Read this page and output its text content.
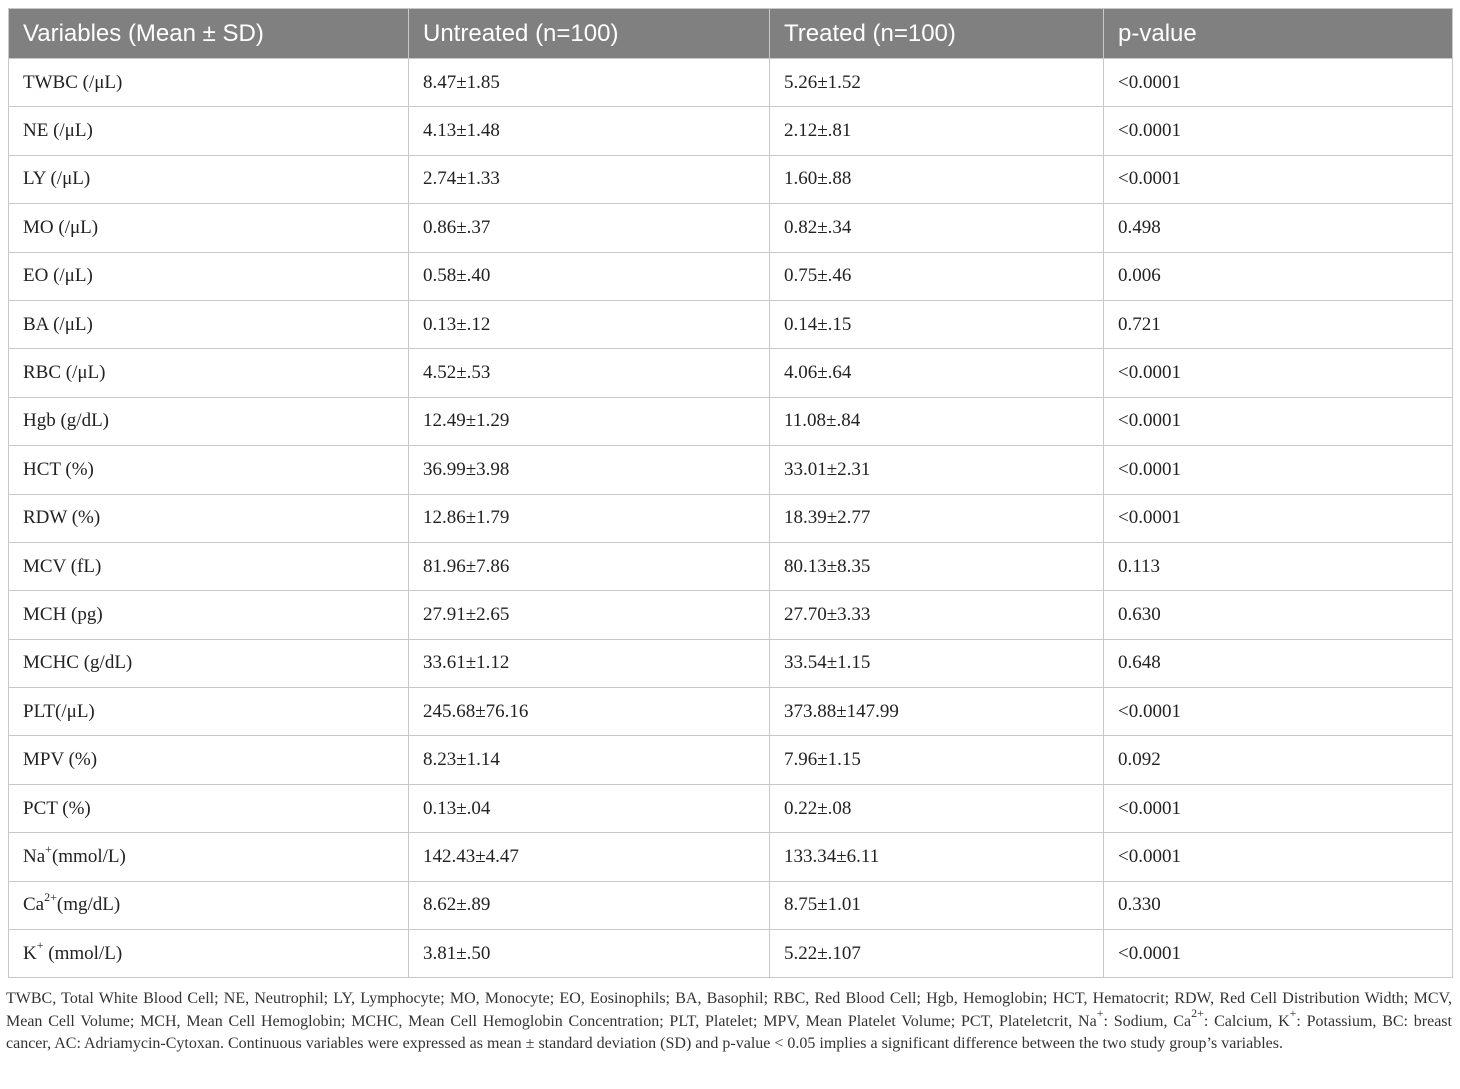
Variables (Mean ± SD)	Untreated (n=100)	Treated (n=100)	p-value
TWBC (/μL)	8.47±1.85	5.26±1.52	<0.0001
NE (/μL)	4.13±1.48	2.12±.81	<0.0001
LY (/μL)	2.74±1.33	1.60±.88	<0.0001
MO (/μL)	0.86±.37	0.82±.34	0.498
EO (/μL)	0.58±.40	0.75±.46	0.006
BA (/μL)	0.13±.12	0.14±.15	0.721
RBC (/μL)	4.52±.53	4.06±.64	<0.0001
Hgb (g/dL)	12.49±1.29	11.08±.84	<0.0001
HCT (%)	36.99±3.98	33.01±2.31	<0.0001
RDW (%)	12.86±1.79	18.39±2.77	<0.0001
MCV (fL)	81.96±7.86	80.13±8.35	0.113
MCH (pg)	27.91±2.65	27.70±3.33	0.630
MCHC (g/dL)	33.61±1.12	33.54±1.15	0.648
PLT(/μL)	245.68±76.16	373.88±147.99	<0.0001
MPV (%)	8.23±1.14	7.96±1.15	0.092
PCT (%)	0.13±.04	0.22±.08	<0.0001
Na+(mmol/L)	142.43±4.47	133.34±6.11	<0.0001
$Ca^{2+}(mg/dL)$	8.62±.89	8.75±1.01	0.330
K+ (mmol/L)	3.81±.50	5.22±.107	<0.0001
TWBC, Total White Blood Cell; NE, Neutrophil; LY, Lymphocyte; MO, Monocyte; EO, Eosinophils; BA, Basophil; RBC, Red Blood Cell; Hgb, Hemoglobin; HCT, Hematocrit; RDW, Red Cell Distribution Width; MCV, Mean Cell Volume; MCH, Mean Cell Hemoglobin; MCHC, Mean Cell Hemoglobin Concentration; PLT, Platelet; MPV, Mean Platelet Volume; PCT, Plateletcrit, Na+: Sodium, $Ca^{2+}$: Calcium, K+: Potassium, BC: breast cancer, AC: Adriamycin-Cytoxan. Continuous variables were expressed as mean ± standard deviation (SD) and p-value < 0.05 implies a significant difference between the two study group’s variables.
